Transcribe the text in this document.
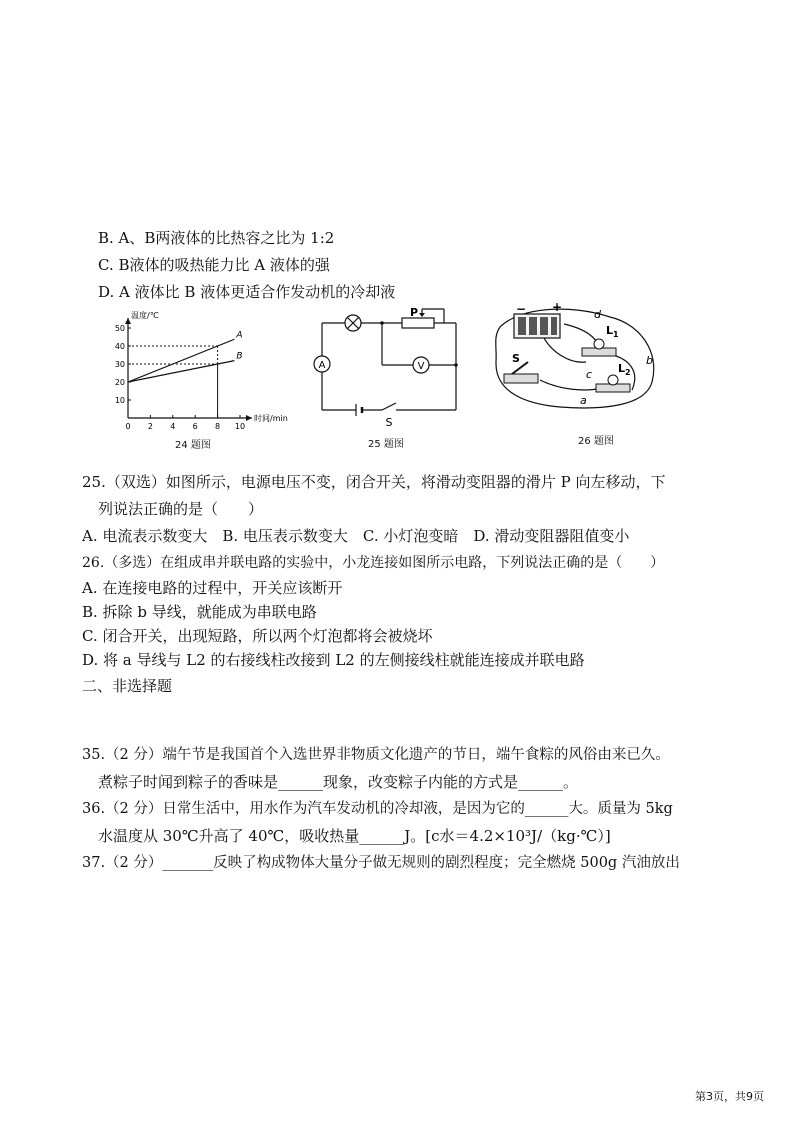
B. A、B两液体的比热容之比为 1:2
C. B液体的吸热能力比 A 液体的强
D. A 液体比 B 液体更适合作发动机的冷却液
0 2 4 6 8 10
10
20
30
40
50
A
B
温度/℃
时间/min
24 题图
A	V
P
S
25 题图
− +
S
a
b
c
d
$L_1$
$L_2$
26 题图
25.（双选）如图所示，电源电压不变，闭合开关，将滑动变阻器的滑片 P 向左移动，下
列说法正确的是（　　）
A. 电流表示数变大　B. 电压表示数变大　C. 小灯泡变暗　D. 滑动变阻器阻值变小
26.（多选）在组成串并联电路的实验中，小龙连接如图所示电路，下列说法正确的是（　　）
A. 在连接电路的过程中，开关应该断开
B. 拆除 b 导线，就能成为串联电路
C. 闭合开关，出现短路，所以两个灯泡都将会被烧坏
D. 将 a 导线与 L2 的右接线柱改接到 L2 的左侧接线柱就能连接成并联电路
二、非选择题
35.（2 分）端午节是我国首个入选世界非物质文化遗产的节日，端午食粽的风俗由来已久。
煮粽子时闻到粽子的香味是______现象，改变粽子内能的方式是______。
36.（2 分）日常生活中，用水作为汽车发动机的冷却液，是因为它的______大。质量为 5kg
水温度从 30℃升高了 40℃，吸收热量______J。[c水＝4.2×10³J/（kg·℃）]
37.（2 分）_______反映了构成物体大量分子做无规则的剧烈程度；完全燃烧 500g 汽油放出
第3页，共9页
